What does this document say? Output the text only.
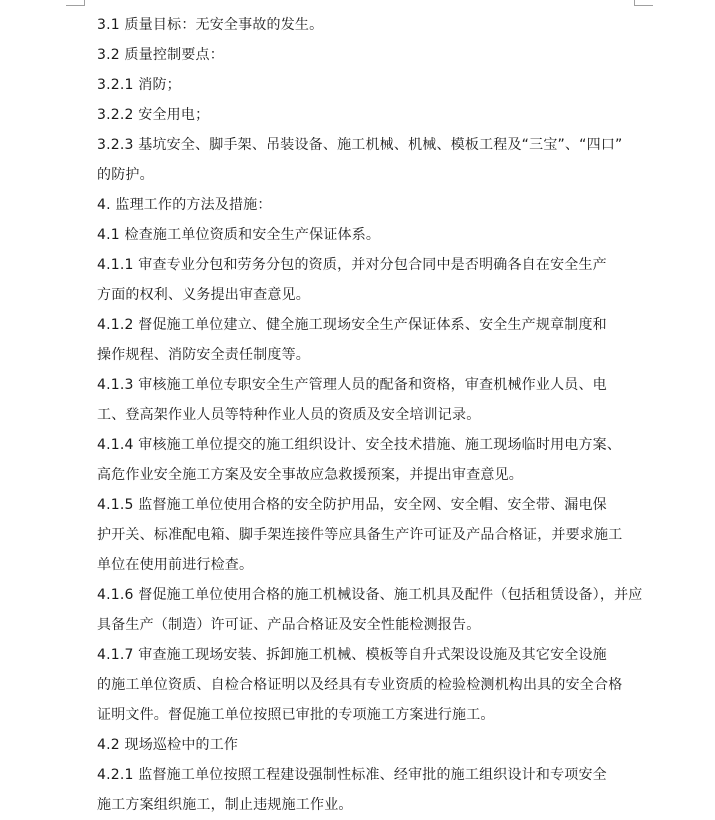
3.1 质量目标：无安全事故的发生。
3.2 质量控制要点：
3.2.1 消防；
3.2.2 安全用电；
3.2.3 基坑安全、脚手架、吊装设备、施工机械、机械、模板工程及“三宝”、“四口”
的防护。
4. 监理工作的方法及措施：
4.1 检查施工单位资质和安全生产保证体系。
4.1.1 审查专业分包和劳务分包的资质，并对分包合同中是否明确各自在安全生产
方面的权利、义务提出审查意见。
4.1.2 督促施工单位建立、健全施工现场安全生产保证体系、安全生产规章制度和
操作规程、消防安全责任制度等。
4.1.3 审核施工单位专职安全生产管理人员的配备和资格，审查机械作业人员、电
工、登高架作业人员等特种作业人员的资质及安全培训记录。
4.1.4 审核施工单位提交的施工组织设计、安全技术措施、施工现场临时用电方案、
高危作业安全施工方案及安全事故应急救援预案，并提出审查意见。
4.1.5 监督施工单位使用合格的安全防护用品，安全网、安全帽、安全带、漏电保
护开关、标准配电箱、脚手架连接件等应具备生产许可证及产品合格证，并要求施工
单位在使用前进行检查。
4.1.6 督促施工单位使用合格的施工机械设备、施工机具及配件（包括租赁设备），并应
具备生产（制造）许可证、产品合格证及安全性能检测报告。
4.1.7 审查施工现场安装、拆卸施工机械、模板等自升式架设设施及其它安全设施
的施工单位资质、自检合格证明以及经具有专业资质的检验检测机构出具的安全合格
证明文件。督促施工单位按照已审批的专项施工方案进行施工。
4.2 现场巡检中的工作
4.2.1 监督施工单位按照工程建设强制性标准、经审批的施工组织设计和专项安全
施工方案组织施工，制止违规施工作业。
